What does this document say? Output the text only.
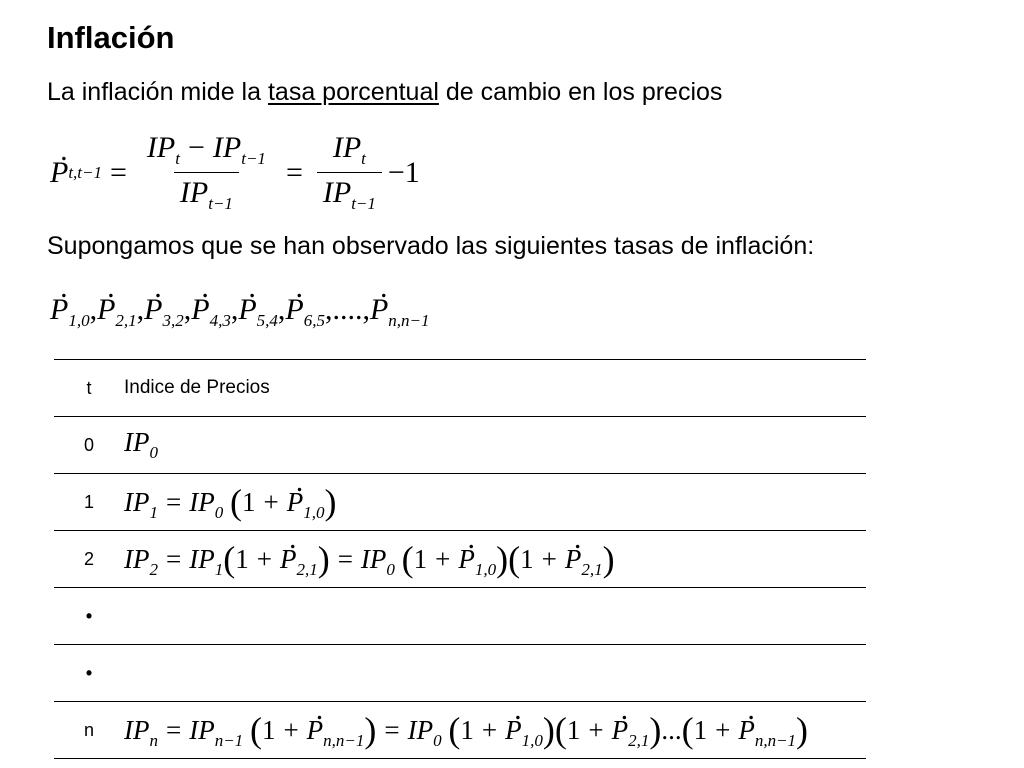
Inflación
La inflación mide la tasa porcentual de cambio en los precios
. P $t,t-1 = \frac{IP_t - IP_{t-1}}{IP_{t-1}} = \frac{IP_t}{IP_{t-1}} -1$
Supongamos que se han observado las siguientes tasas de inflación:
. $P_{1,0}$,. $P_{2,1}$,. $P_{3,2}$,. $P_{4,3}$,. $P_{5,4}$,. $P_{6,5}$,....,. $P_{n,n-1}$
t	Indice de Precios
0	$IP_0$
1	$IP_1 = IP_0$ (1 + . $P_{1,0}$)
2	$IP_2 = IP_1(1$ + . $P_{2,1}) = IP_0$ (1 + . $P_{1,0})(1$ + . $P_{2,1}$)
•	
•	
n	$IP_n = IP_{n-1}$ (1 + . $P_{n,n-1}) = IP_0$ (1 + . $P_{1,0})(1$ + . $P_{2,1})...(1$ + . $P_{n,n-1}$)
